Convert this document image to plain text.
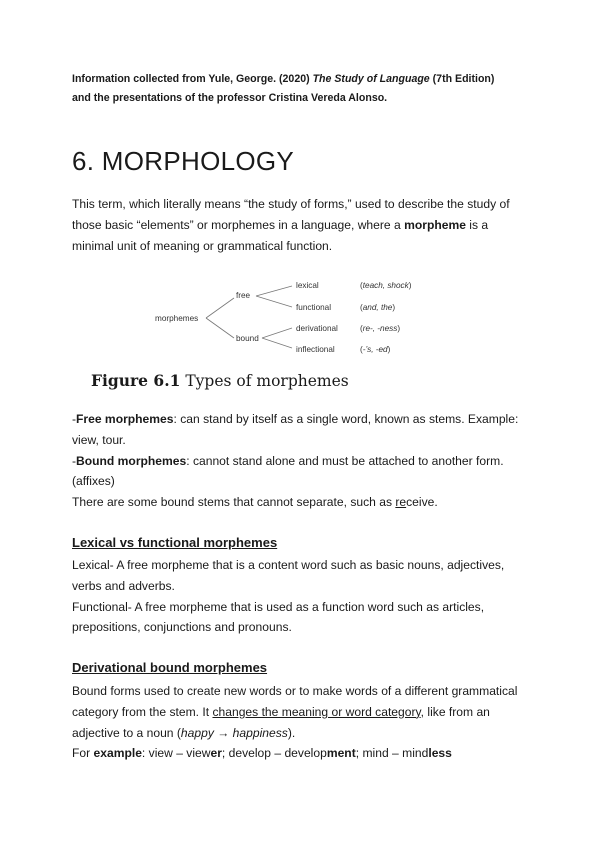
Information collected from Yule, George. (2020) The Study of Language (7th Edition)
and the presentations of the professor Cristina Vereda Alonso.
6. MORPHOLOGY
This term, which literally means “the study of forms,” used to describe the study of those basic “elements” or morphemes in a language, where a morpheme is a minimal unit of meaning or grammatical function.
morphemes
free
bound
lexical
functional
derivational
inflectional
(teach, shock)
(and, the)
(re-, -ness)
(-’s, -ed)
Figure 6.1 Types of morphemes
-Free morphemes: can stand by itself as a single word, known as stems. Example: view, tour.
-Bound morphemes: cannot stand alone and must be attached to another form. (affixes)
There are some bound stems that cannot separate, such as receive.
Lexical vs functional morphemes
Lexical- A free morpheme that is a content word such as basic nouns, adjectives, verbs and adverbs.
Functional- A free morpheme that is used as a function word such as articles, prepositions, conjunctions and pronouns.
Derivational bound morphemes
Bound forms used to create new words or to make words of a different grammatical category from the stem. It changes the meaning or word category, like from an adjective to a noun (happy → happiness).
For example: view – viewer; develop – development; mind – mindless
